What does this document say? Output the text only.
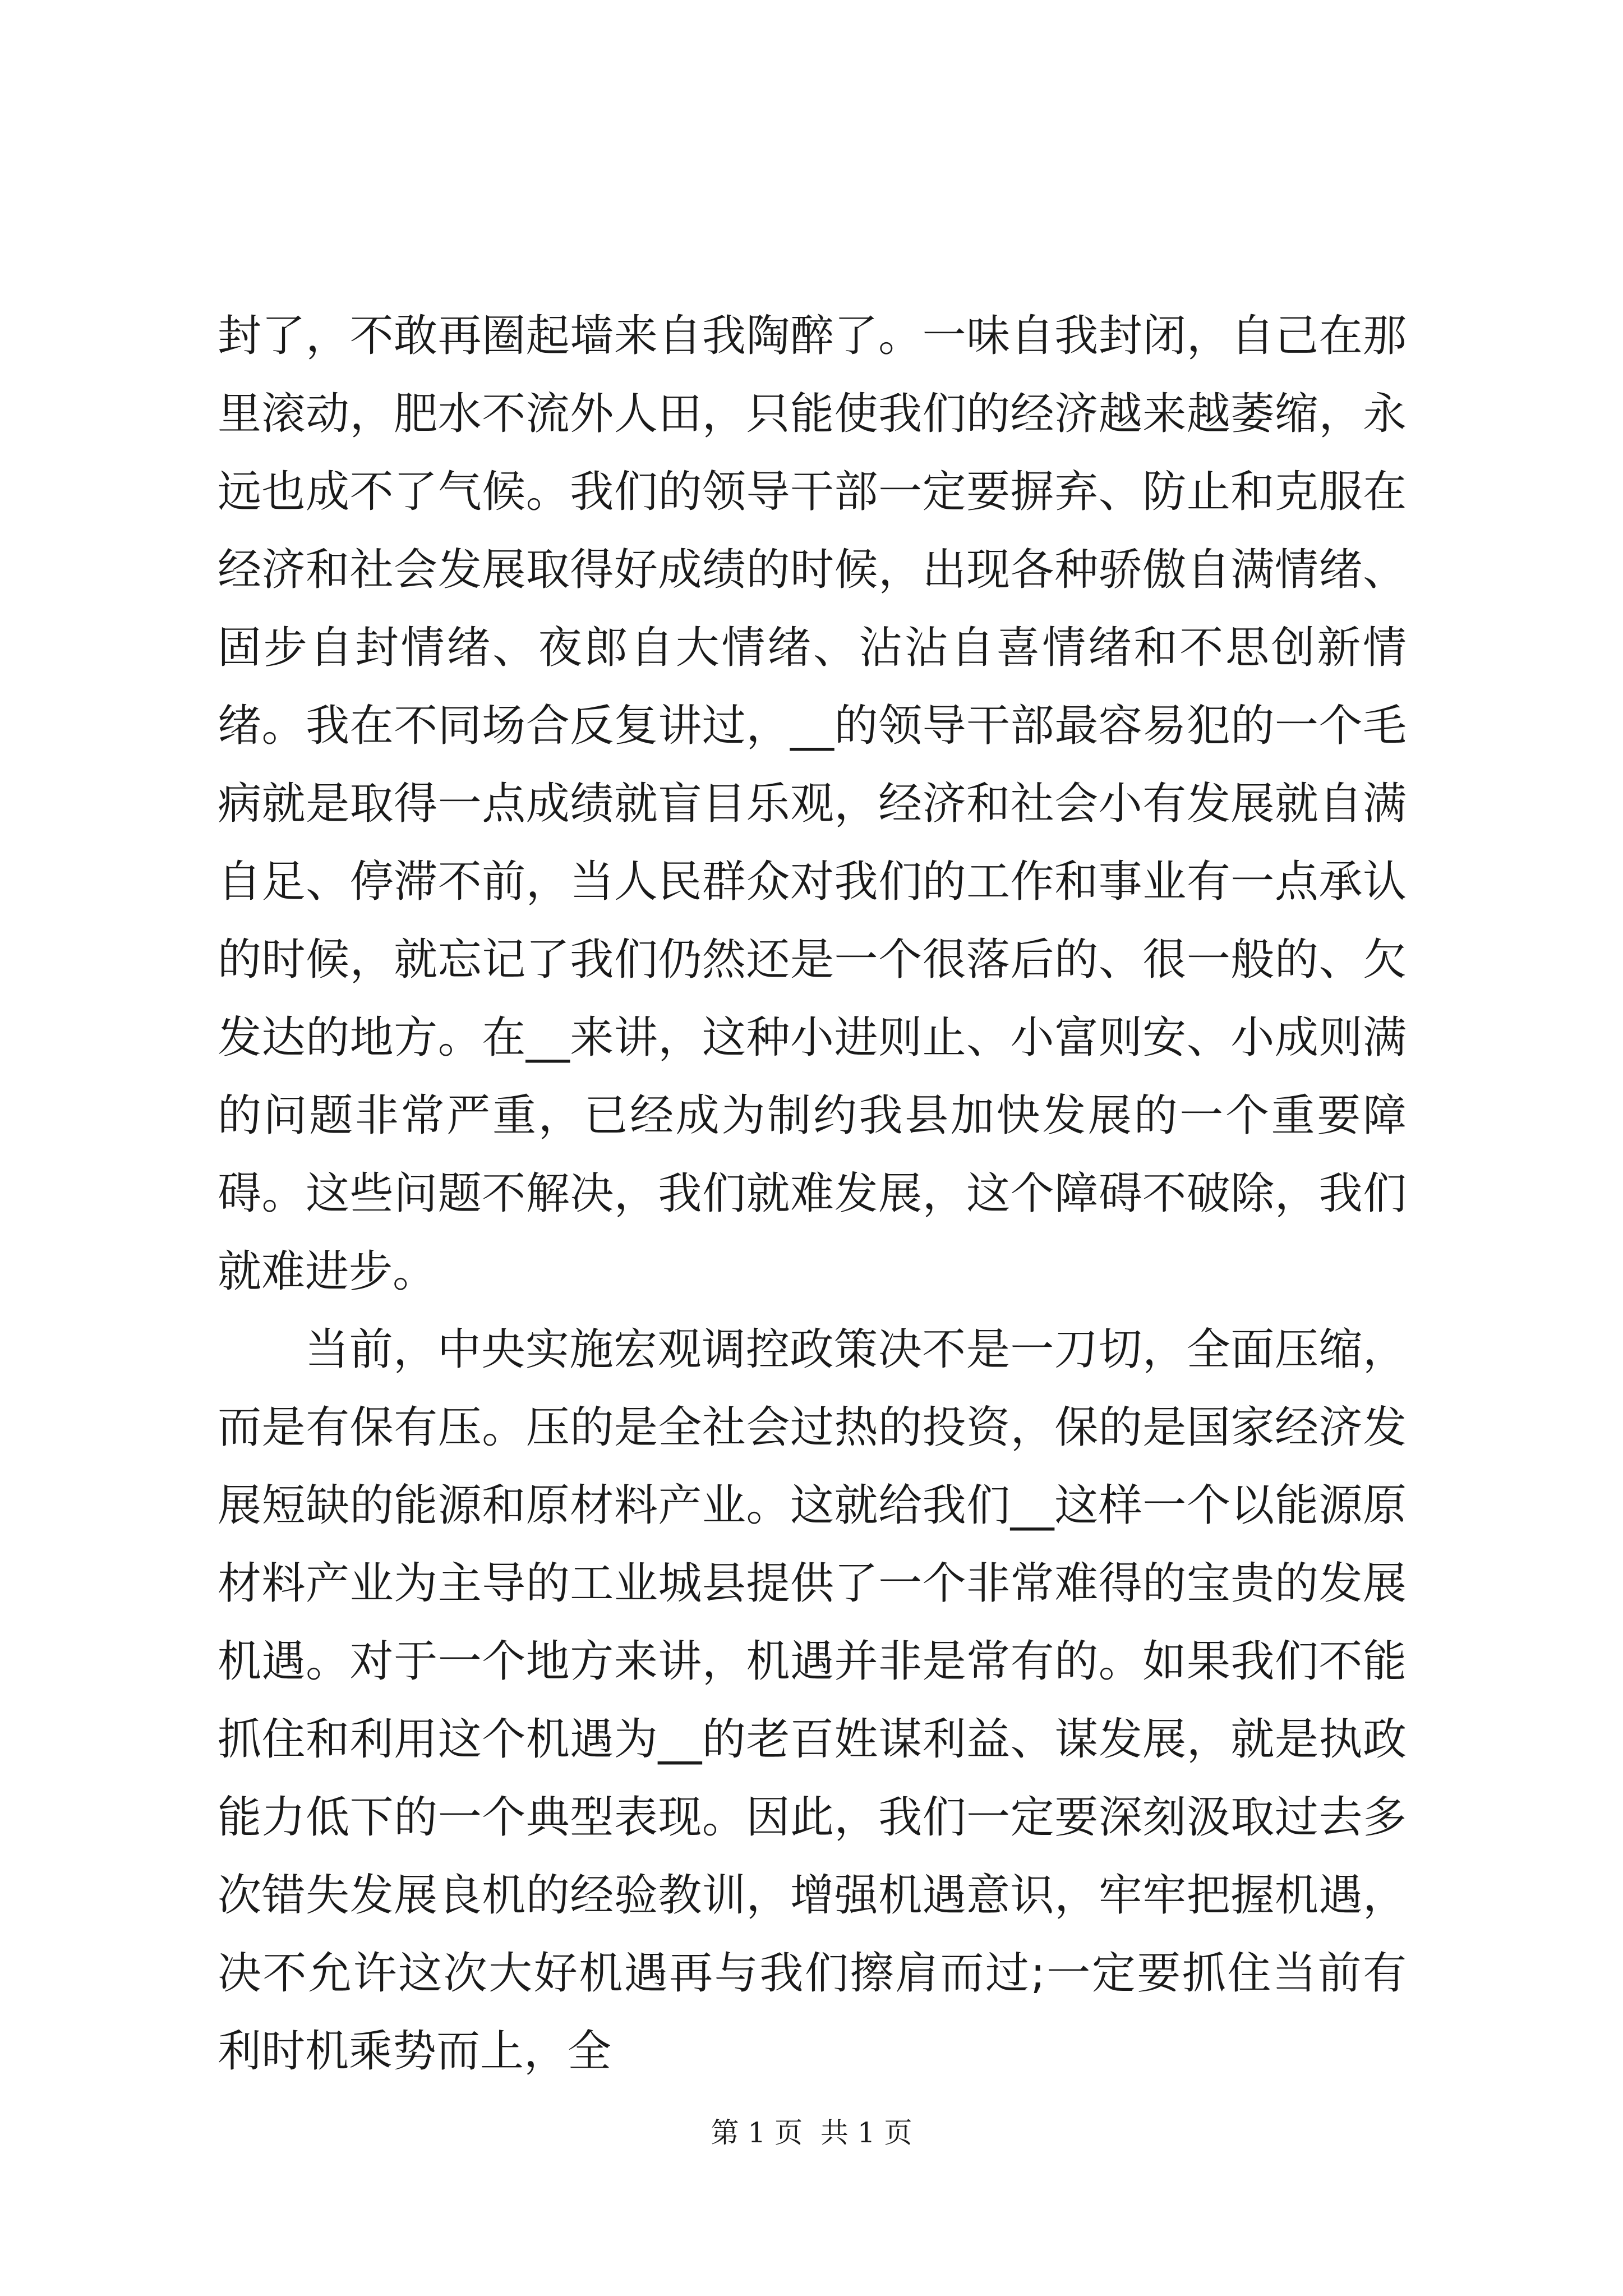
封了，不敢再圈起墙来自我陶醉了。一味自我封闭，自己在那里滚动，肥水不流外人田，只能使我们的经济越来越萎缩，永远也成不了气候。我们的领导干部一定要摒弃、防止和克服在经济和社会发展取得好成绩的时候，出现各种骄傲自满情绪、固步自封情绪、夜郎自大情绪、沾沾自喜情绪和不思创新情绪。我在不同场合反复讲过，__的领导干部最容易犯的一个毛病就是取得一点成绩就盲目乐观，经济和社会小有发展就自满自足、停滞不前，当人民群众对我们的工作和事业有一点承认的时候，就忘记了我们仍然还是一个很落后的、很一般的、欠发达的地方。在__来讲，这种小进则止、小富则安、小成则满的问题非常严重，已经成为制约我县加快发展的一个重要障碍。这些问题不解决，我们就难发展，这个障碍不破除，我们就难进步。

当前，中央实施宏观调控政策决不是一刀切，全面压缩，而是有保有压。压的是全社会过热的投资，保的是国家经济发展短缺的能源和原材料产业。这就给我们__这样一个以能源原材料产业为主导的工业城县提供了一个非常难得的宝贵的发展机遇。对于一个地方来讲，机遇并非是常有的。如果我们不能抓住和利用这个机遇为__的老百姓谋利益、谋发展，就是执政能力低下的一个典型表现。因此，我们一定要深刻汲取过去多次错失发展良机的经验教训，增强机遇意识，牢牢把握机遇，决不允许这次大好机遇再与我们擦肩而过;一定要抓住当前有利时机乘势而上，全

第 1 页  共 1 页
